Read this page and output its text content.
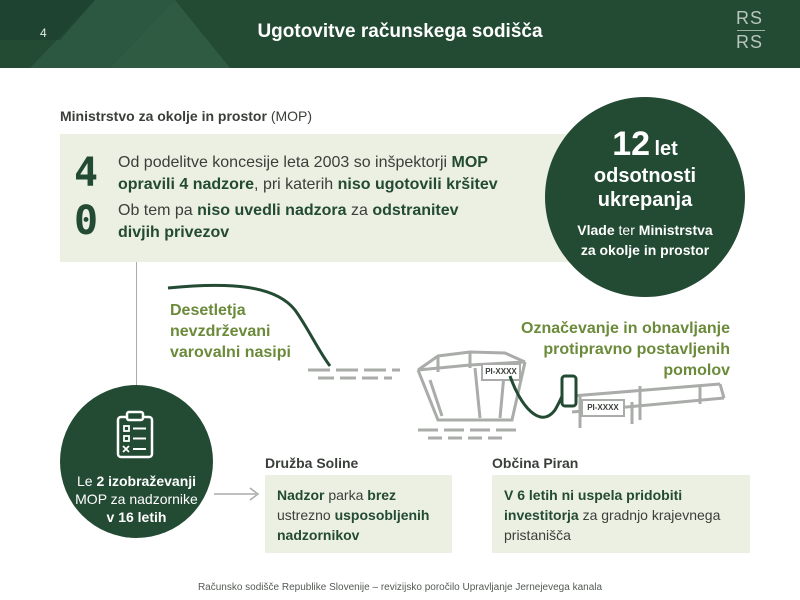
4	Ugotovitve računskega sodišča
RS
RS
Ministrstvo za okolje in prostor (MOP)
4 Od podelitve koncesije leta 2003 so inšpektorji MOP
opravili 4 nadzore, pri katerih niso ugotovili kršitev
0 Ob tem pa niso uvedli nadzora za odstranitev
divjih privezov
12 let
odsotnosti
ukrepanja
Vlade ter Ministrstva
za okolje in prostor
Desetletja
nevzdrževani
varovalni nasipi
Označevanje in obnavljanje
protipravno postavljenih
pomolov
PI-XXXX
PI-XXXX
Le 2 izobraževanji
MOP za nadzornike
v 16 letih
Družba Soline
Nadzor parka brez
ustrezno usposobljenih
nadzornikov
Občina Piran
V 6 letih ni uspela pridobiti
investitorja za gradnjo krajevnega
pristanišča
Računsko sodišče Republike Slovenije – revizijsko poročilo Upravljanje Jernejevega kanala
